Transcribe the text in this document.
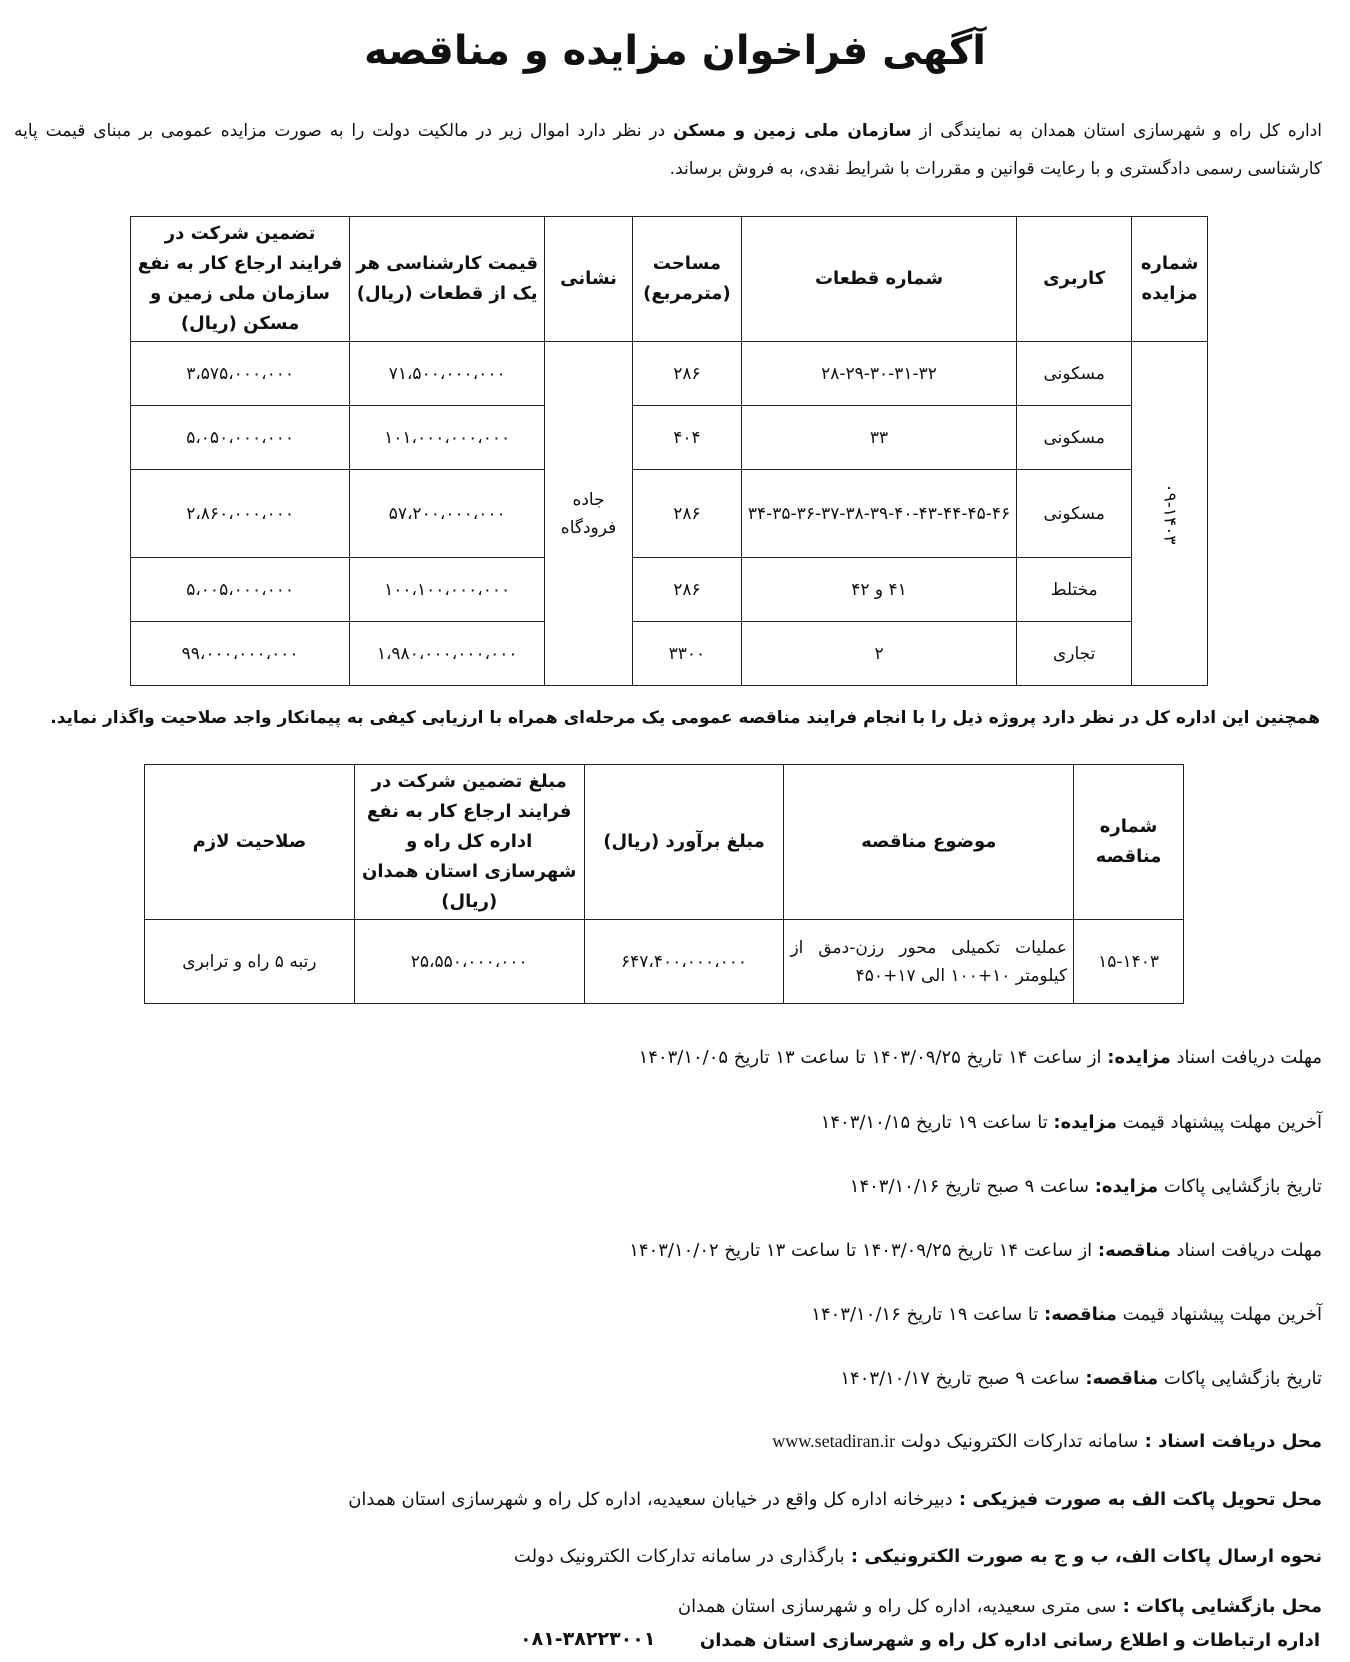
آگهی فراخوان مزایده و مناقصه

اداره کل راه و شهرسازی استان همدان به نمایندگی از سازمان ملی زمین و مسکن در نظر دارد اموال زیر در مالکیت دولت را به صورت مزایده عمومی بر مبنای قیمت پایه کارشناسی رسمی دادگستری و با رعایت قوانین و مقررات با شرایط نقدی، به فروش برساند.

شماره مزایده	کاربری	شماره قطعات	مساحت (مترمربع)	نشانی	قیمت کارشناسی هر یک از قطعات (ریال)	تضمین شرکت در فرایند ارجاع کار به نفع سازمان ملی زمین و مسکن (ریال)
۰۹-۱۴۰۳	مسکونی	۲۸-۲۹-۳۰-۳۱-۳۲	۲۸۶	جاده فرودگاه	۷۱،۵۰۰،۰۰۰،۰۰۰	۳،۵۷۵،۰۰۰،۰۰۰
	مسکونی	۳۳	۴۰۴		۱۰۱،۰۰۰،۰۰۰،۰۰۰	۵،۰۵۰،۰۰۰،۰۰۰
	مسکونی	۳۴-۳۵-۳۶-۳۷-۳۸-۳۹-۴۰-۴۳-۴۴-۴۵-۴۶	۲۸۶		۵۷،۲۰۰،۰۰۰،۰۰۰	۲،۸۶۰،۰۰۰،۰۰۰
	مختلط	۴۱ و ۴۲	۲۸۶		۱۰۰،۱۰۰،۰۰۰،۰۰۰	۵،۰۰۵،۰۰۰،۰۰۰
	تجاری	۲	۳۳۰۰		۱،۹۸۰،۰۰۰،۰۰۰،۰۰۰	۹۹،۰۰۰،۰۰۰،۰۰۰
همچنین این اداره کل در نظر دارد پروژه ذیل را با انجام فرایند مناقصه عمومی یک مرحله‌ای همراه با ارزیابی کیفی به پیمانکار واجد صلاحیت واگذار نماید.
شماره مناقصه	موضوع مناقصه	مبلغ برآورد (ریال)	مبلغ تضمین شرکت در فرایند ارجاع کار به نفع اداره کل راه و شهرسازی استان همدان (ریال)	صلاحیت لازم
۱۵-۱۴۰۳	عملیات تکمیلی محور رزن-دمق از کیلومتر ۱۰+۱۰۰ الی ۱۷+۴۵۰	۶۴۷،۴۰۰،۰۰۰،۰۰۰	۲۵،۵۵۰،۰۰۰،۰۰۰	رتبه ۵ راه و ترابری
مهلت دریافت اسناد مزایده: از ساعت ۱۴ تاریخ ۱۴۰۳/۰۹/۲۵ تا ساعت ۱۳ تاریخ ۱۴۰۳/۱۰/۰۵
آخرین مهلت پیشنهاد قیمت مزایده: تا ساعت ۱۹ تاریخ ۱۴۰۳/۱۰/۱۵
تاریخ بازگشایی پاکات مزایده: ساعت ۹ صبح تاریخ ۱۴۰۳/۱۰/۱۶
مهلت دریافت اسناد مناقصه: از ساعت ۱۴ تاریخ ۱۴۰۳/۰۹/۲۵ تا ساعت ۱۳ تاریخ ۱۴۰۳/۱۰/۰۲
آخرین مهلت پیشنهاد قیمت مناقصه: تا ساعت ۱۹ تاریخ ۱۴۰۳/۱۰/۱۶
تاریخ بازگشایی پاکات مناقصه: ساعت ۹ صبح تاریخ ۱۴۰۳/۱۰/۱۷
محل دریافت اسناد : سامانه تدارکات الکترونیک دولت www.setadiran.ir
محل تحویل پاکت الف به صورت فیزیکی : دبیرخانه اداره کل واقع در خیابان سعیدیه، اداره کل راه و شهرسازی استان همدان
نحوه ارسال پاکات الف، ب و ج به صورت الکترونیکی : بارگذاری در سامانه تدارکات الکترونیک دولت
محل بازگشایی پاکات : سی متری سعیدیه، اداره کل راه و شهرسازی استان همدان
اداره ارتباطات و اطلاع رسانی اداره کل راه و شهرسازی استان همدان
۰۸۱-۳۸۲۲۳۰۰۱
